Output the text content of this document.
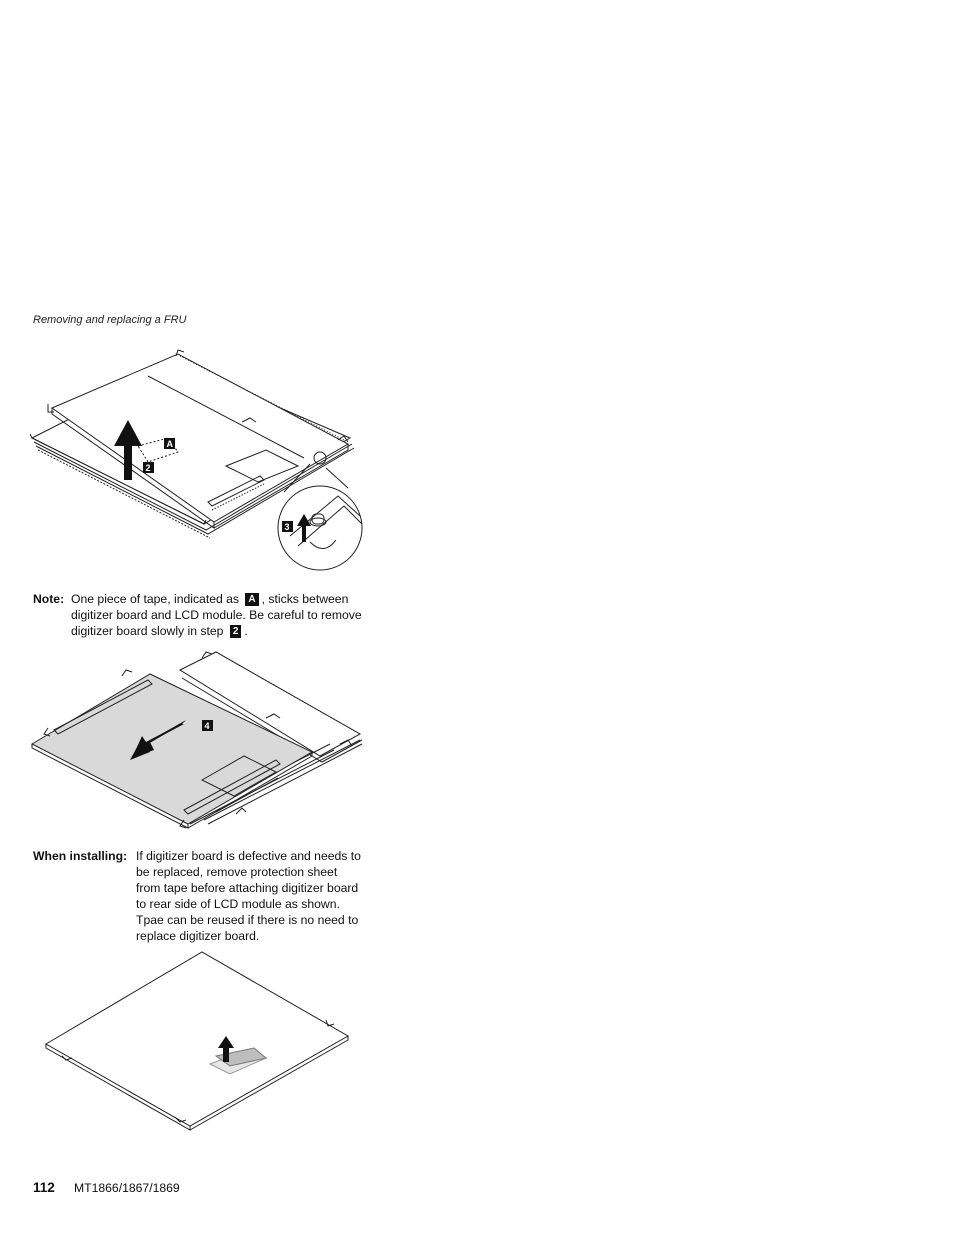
Removing and replacing a FRU
A
2
3
Note: One piece of tape, indicated as A , sticks between digitizer board and LCD module. Be careful to remove digitizer board slowly in step 2 .
4
When installing: If digitizer board is defective and needs to be replaced, remove protection sheet from tape before attaching digitizer board to rear side of LCD module as shown. Tpae can be reused if there is no need to replace digitizer board.
112 MT1866/1867/1869
